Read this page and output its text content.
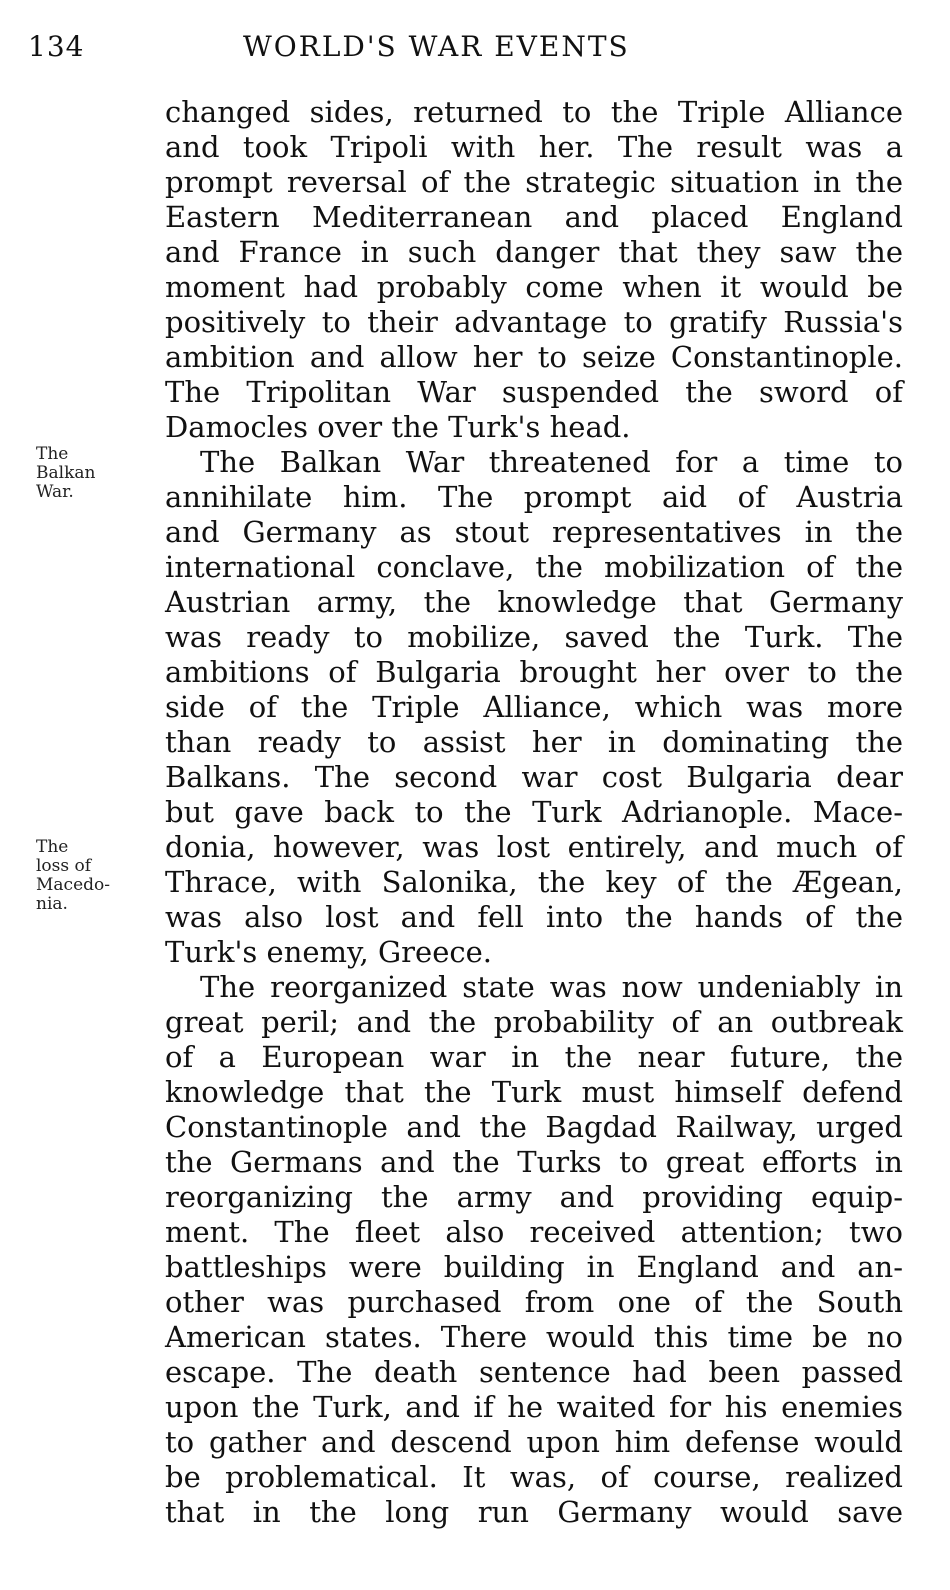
134	WORLD'S WAR EVENTS
The
Balkan
War.
The
loss of
Macedo-
nia.
changed sides, returned to the Triple Alliance
and took Tripoli with her. The result was a
prompt reversal of the strategic situation in the
Eastern Mediterranean and placed England
and France in such danger that they saw the
moment had probably come when it would be
positively to their advantage to gratify Russia's
ambition and allow her to seize Constantinople.
The Tripolitan War suspended the sword of
Damocles over the Turk's head.
The Balkan War threatened for a time to
annihilate him. The prompt aid of Austria
and Germany as stout representatives in the
international conclave, the mobilization of the
Austrian army, the knowledge that Germany
was ready to mobilize, saved the Turk. The
ambitions of Bulgaria brought her over to the
side of the Triple Alliance, which was more
than ready to assist her in dominating the
Balkans. The second war cost Bulgaria dear
but gave back to the Turk Adrianople. Mace-
donia, however, was lost entirely, and much of
Thrace, with Salonika, the key of the Ægean,
was also lost and fell into the hands of the
Turk's enemy, Greece.
The reorganized state was now undeniably in
great peril; and the probability of an outbreak
of a European war in the near future, the
knowledge that the Turk must himself defend
Constantinople and the Bagdad Railway, urged
the Germans and the Turks to great efforts in
reorganizing the army and providing equip-
ment. The fleet also received attention; two
battleships were building in England and an-
other was purchased from one of the South
American states. There would this time be no
escape. The death sentence had been passed
upon the Turk, and if he waited for his enemies
to gather and descend upon him defense would
be problematical. It was, of course, realized
that in the long run Germany would save
